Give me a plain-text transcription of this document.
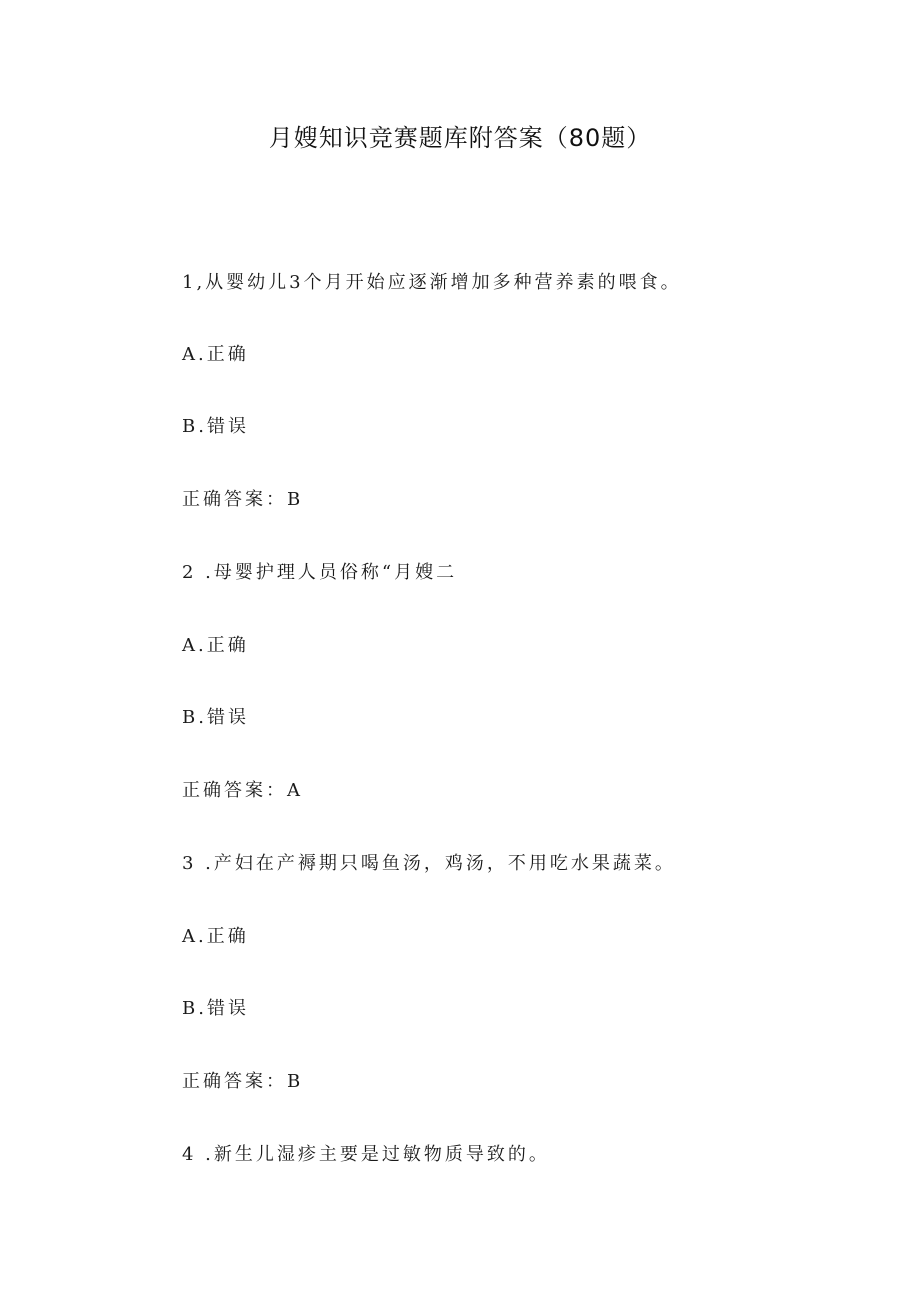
月嫂知识竞赛题库附答案（80题）
1,从婴幼儿3个月开始应逐渐增加多种营养素的喂食。
A.正确
B.错误
正确答案：B
2 .母婴护理人员俗称“月嫂二
A.正确
B.错误
正确答案：A
3 .产妇在产褥期只喝鱼汤，鸡汤，不用吃水果蔬菜。
A.正确
B.错误
正确答案：B
4 .新生儿湿疹主要是过敏物质导致的。
